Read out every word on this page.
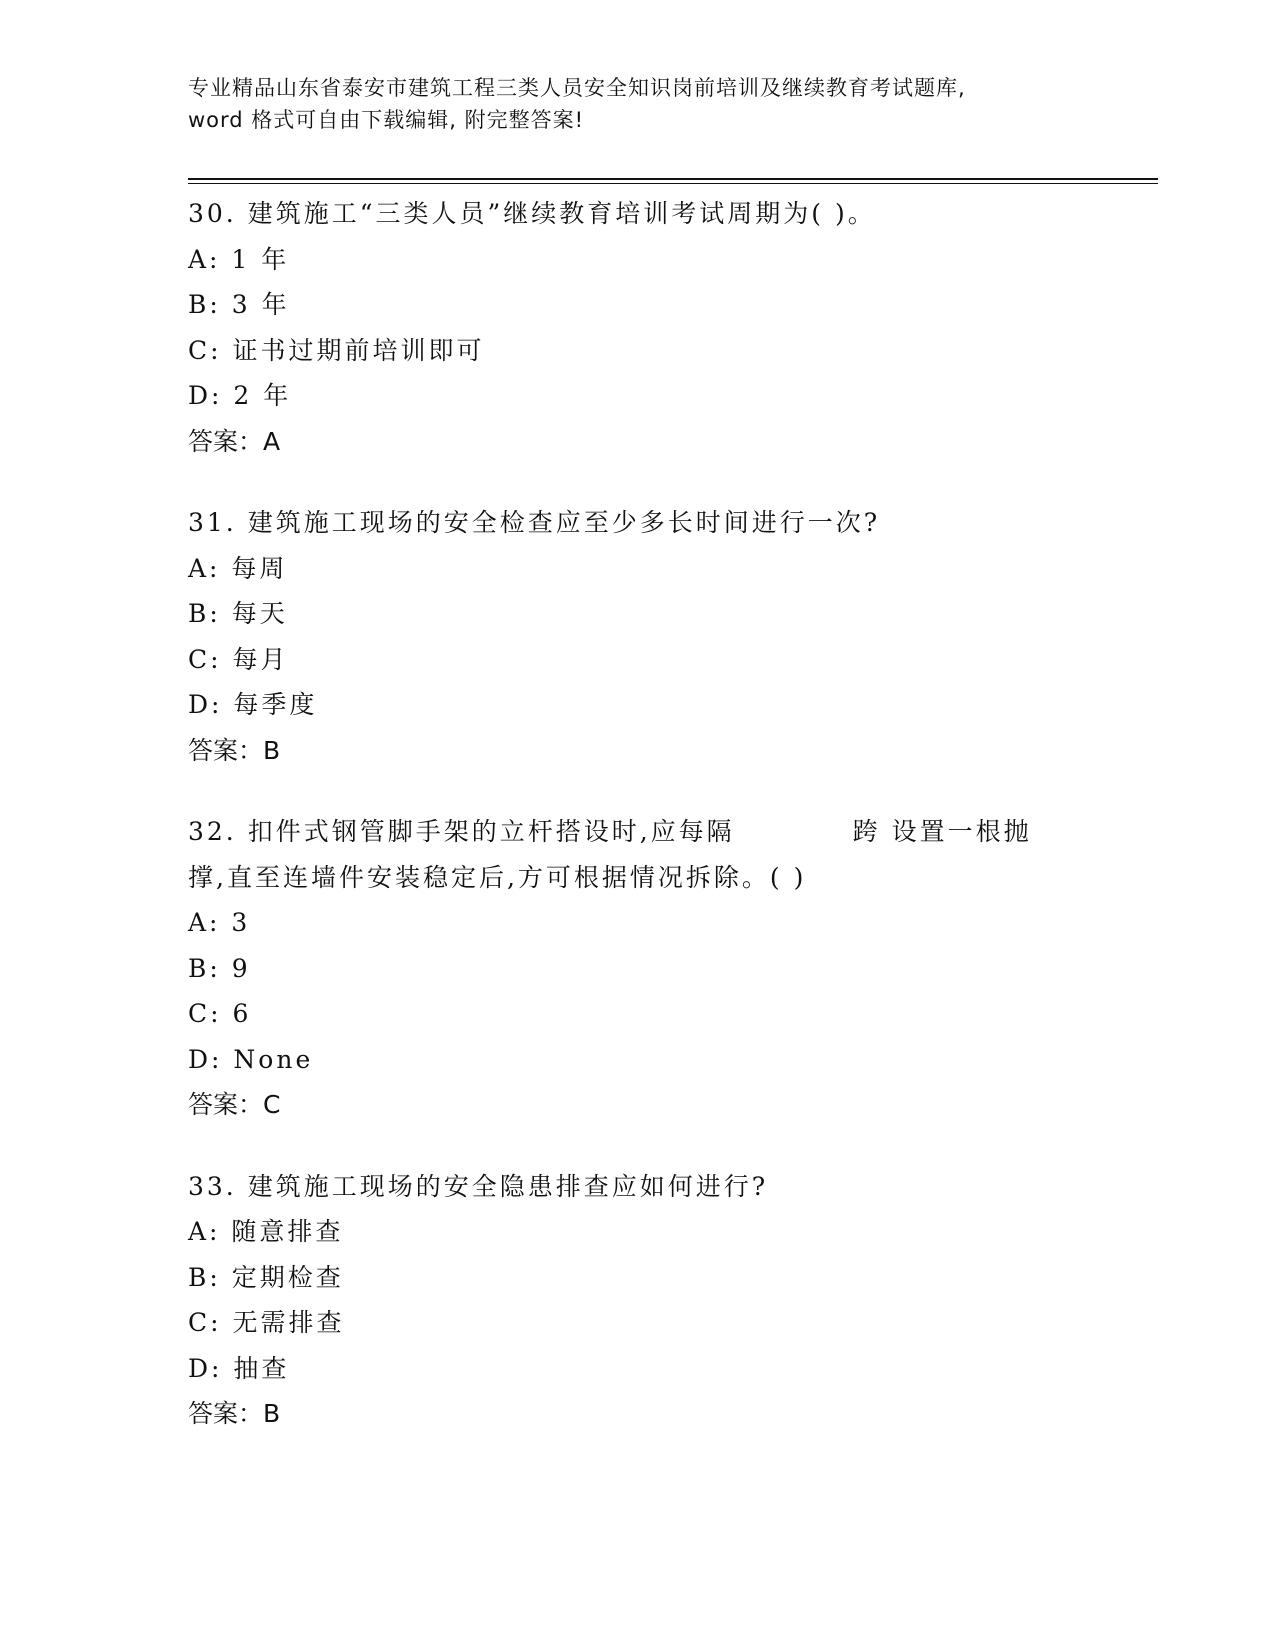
专业精品山东省泰安市建筑工程三类人员安全知识岗前培训及继续教育考试题库,
word 格式可自由下载编辑, 附完整答案!
30. 建筑施工“三类人员”继续教育培训考试周期为( )。
A: 1 年
B: 3 年
C: 证书过期前培训即可
D: 2 年
答案：A
31. 建筑施工现场的安全检查应至少多长时间进行一次?
A: 每周
B: 每天
C: 每月
D: 每季度
答案：B
32. 扣件式钢管脚手架的立杆搭设时,应每隔	跨 设置一根抛
撑,直至连墙件安装稳定后,方可根据情况拆除。( )
A: 3
B: 9
C: 6
D: None
答案：C
33. 建筑施工现场的安全隐患排查应如何进行?
A: 随意排查
B: 定期检查
C: 无需排查
D: 抽查
答案：B
